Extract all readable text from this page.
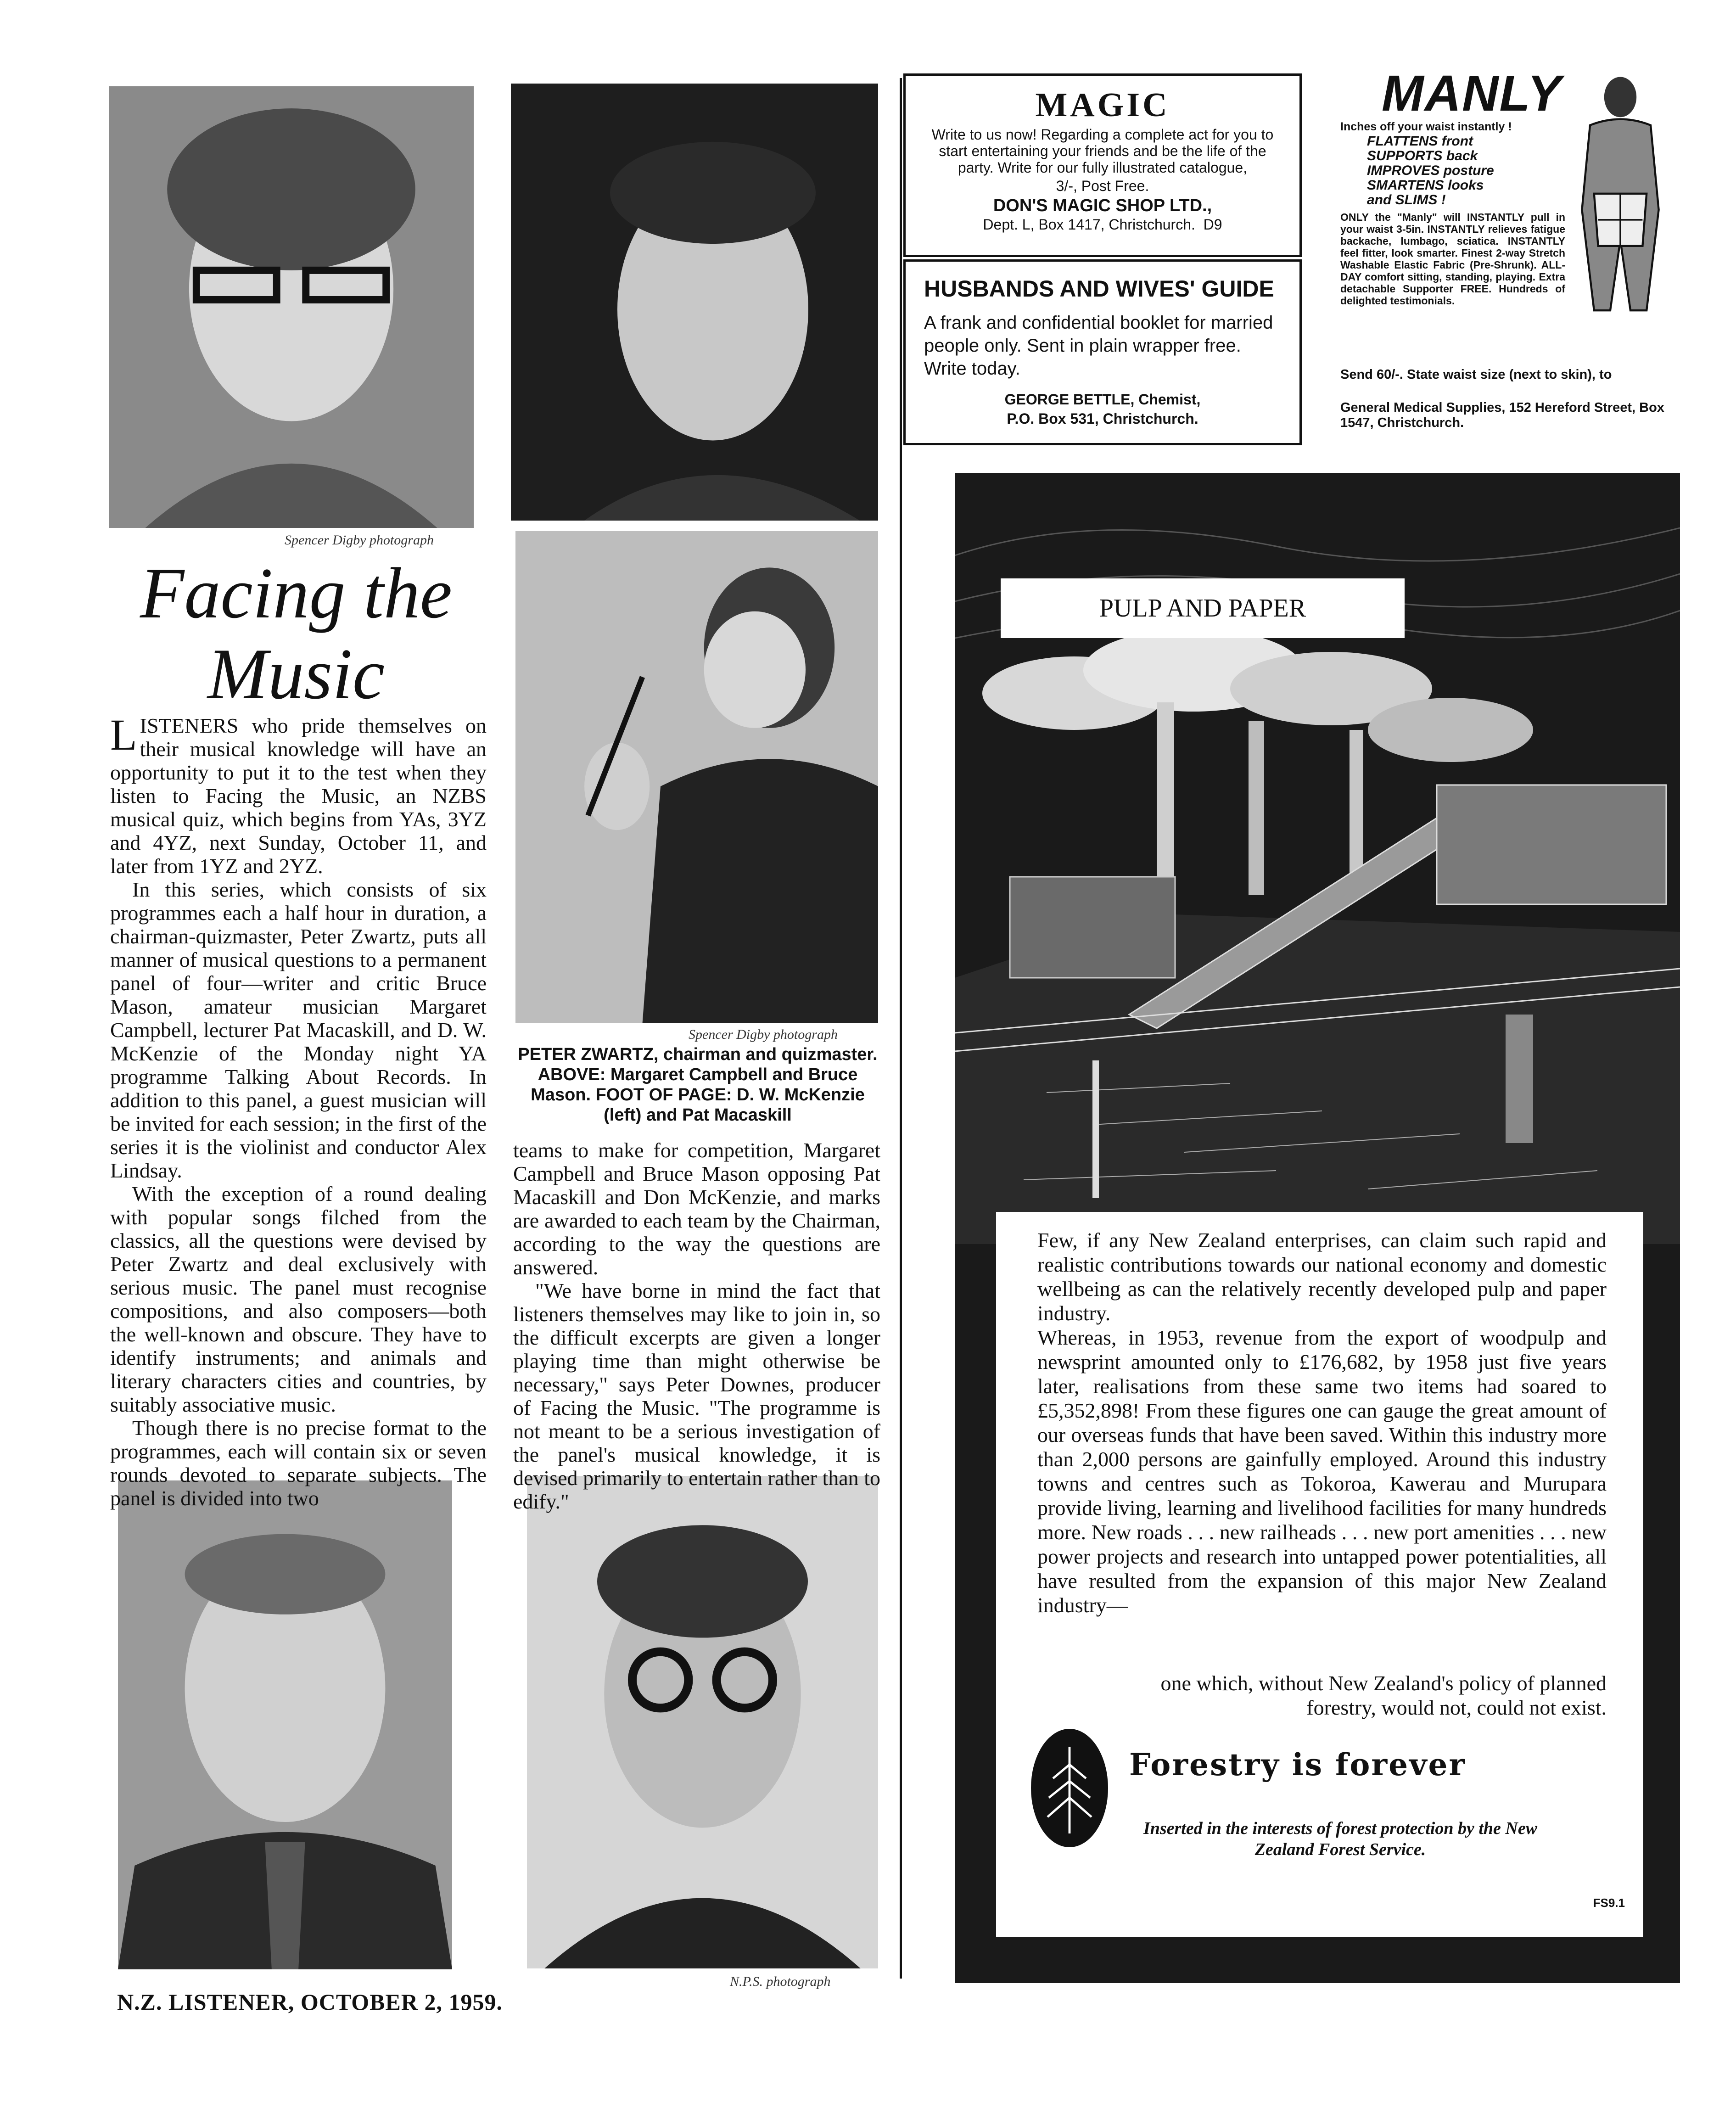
Spencer Digby photograph
Spencer Digby photograph
PETER ZWARTZ, chairman and quizmaster. ABOVE: Margaret Campbell and Bruce Mason. FOOT OF PAGE: D. W. McKenzie (left) and Pat Macaskill
N.P.S. photograph
Facing the
Music

LISTENERS who pride themselves on their musical knowledge will have an opportunity to put it to the test when they listen to Facing the Music, an NZBS musical quiz, which begins from YAs, 3YZ and 4YZ, next Sunday, October 11, and later from 1YZ and 2YZ.

In this series, which consists of six programmes each a half hour in duration, a chairman-quizmaster, Peter Zwartz, puts all manner of musical questions to a permanent panel of four—writer and critic Bruce Mason, amateur musician Margaret Campbell, lecturer Pat Macaskill, and D. W. McKenzie of the Monday night YA programme Talking About Records. In addition to this panel, a guest musician will be invited for each session; in the first of the series it is the violinist and conductor Alex Lindsay.

With the exception of a round dealing with popular songs filched from the classics, all the questions were devised by Peter Zwartz and deal exclusively with serious music. The panel must recognise compositions, and also composers—both the well-known and obscure. They have to identify instruments; and animals and literary characters cities and countries, by suitably associative music.

Though there is no precise format to the programmes, each will contain six or seven rounds devoted to separate subjects. The panel is divided into two

teams to make for competition, Margaret Campbell and Bruce Mason opposing Pat Macaskill and Don McKenzie, and marks are awarded to each team by the Chairman, according to the way the questions are answered.

"We have borne in mind the fact that listeners themselves may like to join in, so the difficult excerpts are given a longer playing time than might otherwise be necessary," says Peter Downes, producer of Facing the Music. "The programme is not meant to be a serious investigation of the panel's musical knowledge, it is devised primarily to entertain rather than to edify."

N.Z. LISTENER, OCTOBER 2, 1959.
MAGIC
Write to us now! Regarding a complete act for you to start entertaining your friends and be the life of the party. Write for our fully illustrated catalogue,
3/-, Post Free.
DON'S MAGIC SHOP LTD.,
Dept. L, Box 1417, Christchurch. D9
HUSBANDS AND WIVES' GUIDE
A frank and confidential booklet for married people only. Sent in plain wrapper free. Write today.
GEORGE BETTLE, Chemist,
P.O. Box 531, Christchurch.
MANLY
Inches off your waist instantly !
FLATTENS front
SUPPORTS back
IMPROVES posture
SMARTENS looks
and SLIMS !
ONLY the "Manly" will INSTANTLY pull in your waist 3-5in. INSTANTLY relieves fatigue backache, lumbago, sciatica. INSTANTLY feel fitter, look smarter. Finest 2-way Stretch Washable Elastic Fabric (Pre-Shrunk). ALL-DAY comfort sitting, standing, playing. Extra detachable Supporter FREE. Hundreds of delighted testimonials.
Send 60/-. State waist size (next to skin), to
General Medical Supplies, 152 Hereford Street, Box 1547, Christchurch.
PULP AND PAPER

Few, if any New Zealand enterprises, can claim such rapid and realistic contributions towards our national economy and domestic wellbeing as can the relatively recently developed pulp and paper industry.

Whereas, in 1953, revenue from the export of woodpulp and newsprint amounted only to £176,682, by 1958 just five years later, realisations from these same two items had soared to £5,352,898! From these figures one can gauge the great amount of our overseas funds that have been saved. Within this industry more than 2,000 persons are gainfully employed. Around this industry towns and centres such as Tokoroa, Kawerau and Murupara provide living, learning and livelihood facilities for many hundreds more. New roads . . . new railheads . . . new port amenities . . . new power projects and research into untapped power potentialities, all have resulted from the expansion of this major New Zealand industry—

one which, without New Zealand's policy of planned forestry, would not, could not exist.
Forestry is forever
Inserted in the interests of forest protection by the New Zealand Forest Service.
FS9.1
